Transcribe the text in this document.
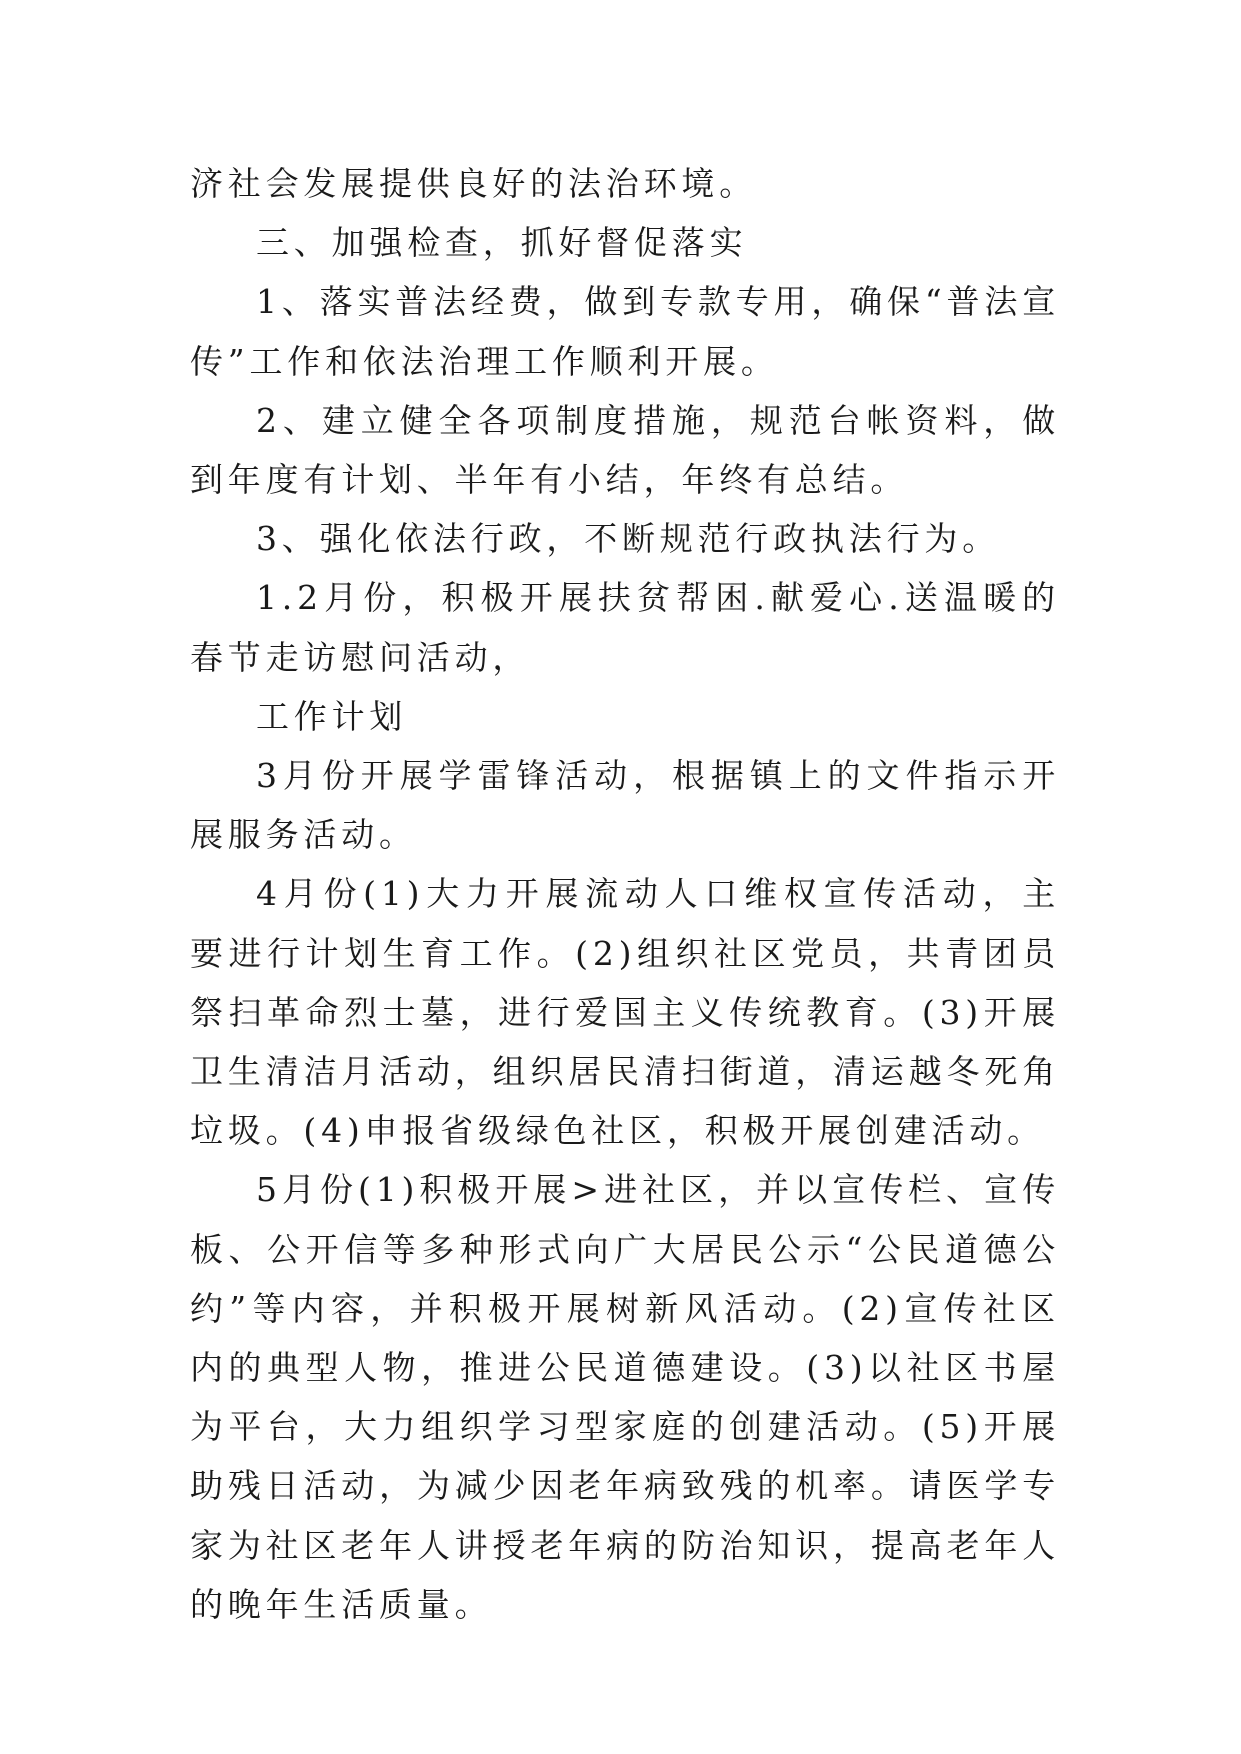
济社会发展提供良好的法治环境。

三、加强检查，抓好督促落实

1、落实普法经费，做到专款专用，确保“普法宣传”工作和依法治理工作顺利开展。

2、建立健全各项制度措施，规范台帐资料，做到年度有计划、半年有小结，年终有总结。

3、强化依法行政，不断规范行政执法行为。

1.2月份，积极开展扶贫帮困.献爱心.送温暖的春节走访慰问活动，

工作计划

3月份开展学雷锋活动，根据镇上的文件指示开展服务活动。

4月份(1)大力开展流动人口维权宣传活动，主要进行计划生育工作。(2)组织社区党员，共青团员祭扫革命烈士墓，进行爱国主义传统教育。(3)开展卫生清洁月活动，组织居民清扫街道，清运越冬死角垃圾。(4)申报省级绿色社区，积极开展创建活动。

5月份(1)积极开展>进社区，并以宣传栏、宣传板、公开信等多种形式向广大居民公示“公民道德公约”等内容，并积极开展树新风活动。(2)宣传社区内的典型人物，推进公民道德建设。(3)以社区书屋为平台，大力组织学习型家庭的创建活动。(5)开展助残日活动，为减少因老年病致残的机率。请医学专家为社区老年人讲授老年病的防治知识，提高老年人的晚年生活质量。
